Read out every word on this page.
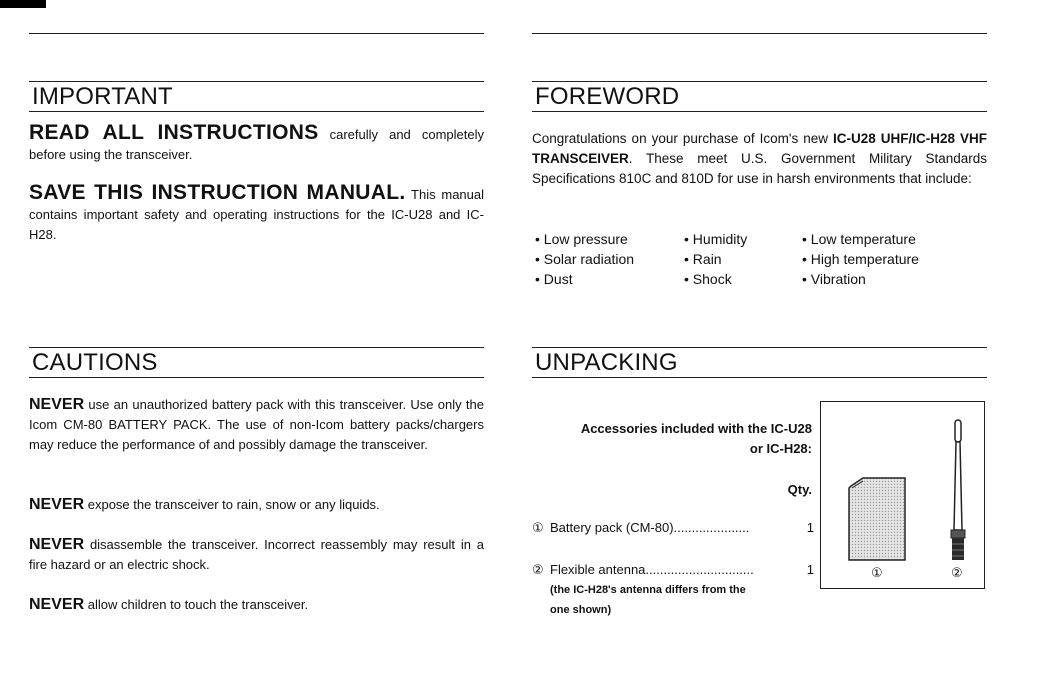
IMPORTANT

READ ALL INSTRUCTIONS carefully and completely before using the transceiver.

SAVE THIS INSTRUCTION MANUAL. This manual contains important safety and operating instructions for the IC-U28 and IC-H28.

CAUTIONS

NEVER use an unauthorized battery pack with this transceiver. Use only the Icom CM-80 BATTERY PACK. The use of non-Icom battery packs/chargers may reduce the performance of and possibly damage the transceiver.

NEVER expose the transceiver to rain, snow or any liquids.

NEVER disassemble the transceiver. Incorrect reassembly may result in a fire hazard or an electric shock.

NEVER allow children to touch the transceiver.

FOREWORD

Congratulations on your purchase of Icom's new IC-U28 UHF/IC-H28 VHF TRANSCEIVER. These meet U.S. Government Military Standards Specifications 810C and 810D for use in harsh environments that include:

• Low pressure
• Solar radiation
• Dust
• Humidity
• Rain
• Shock
• Low temperature
• High temperature
• Vibration
UNPACKING
Accessories included with the IC-U28
or IC-H28:
Qty.
① Battery pack (CM-80).....................	1
② Flexible antenna..............................	1
(the IC-H28's antenna differs from the
one shown)
①	②
